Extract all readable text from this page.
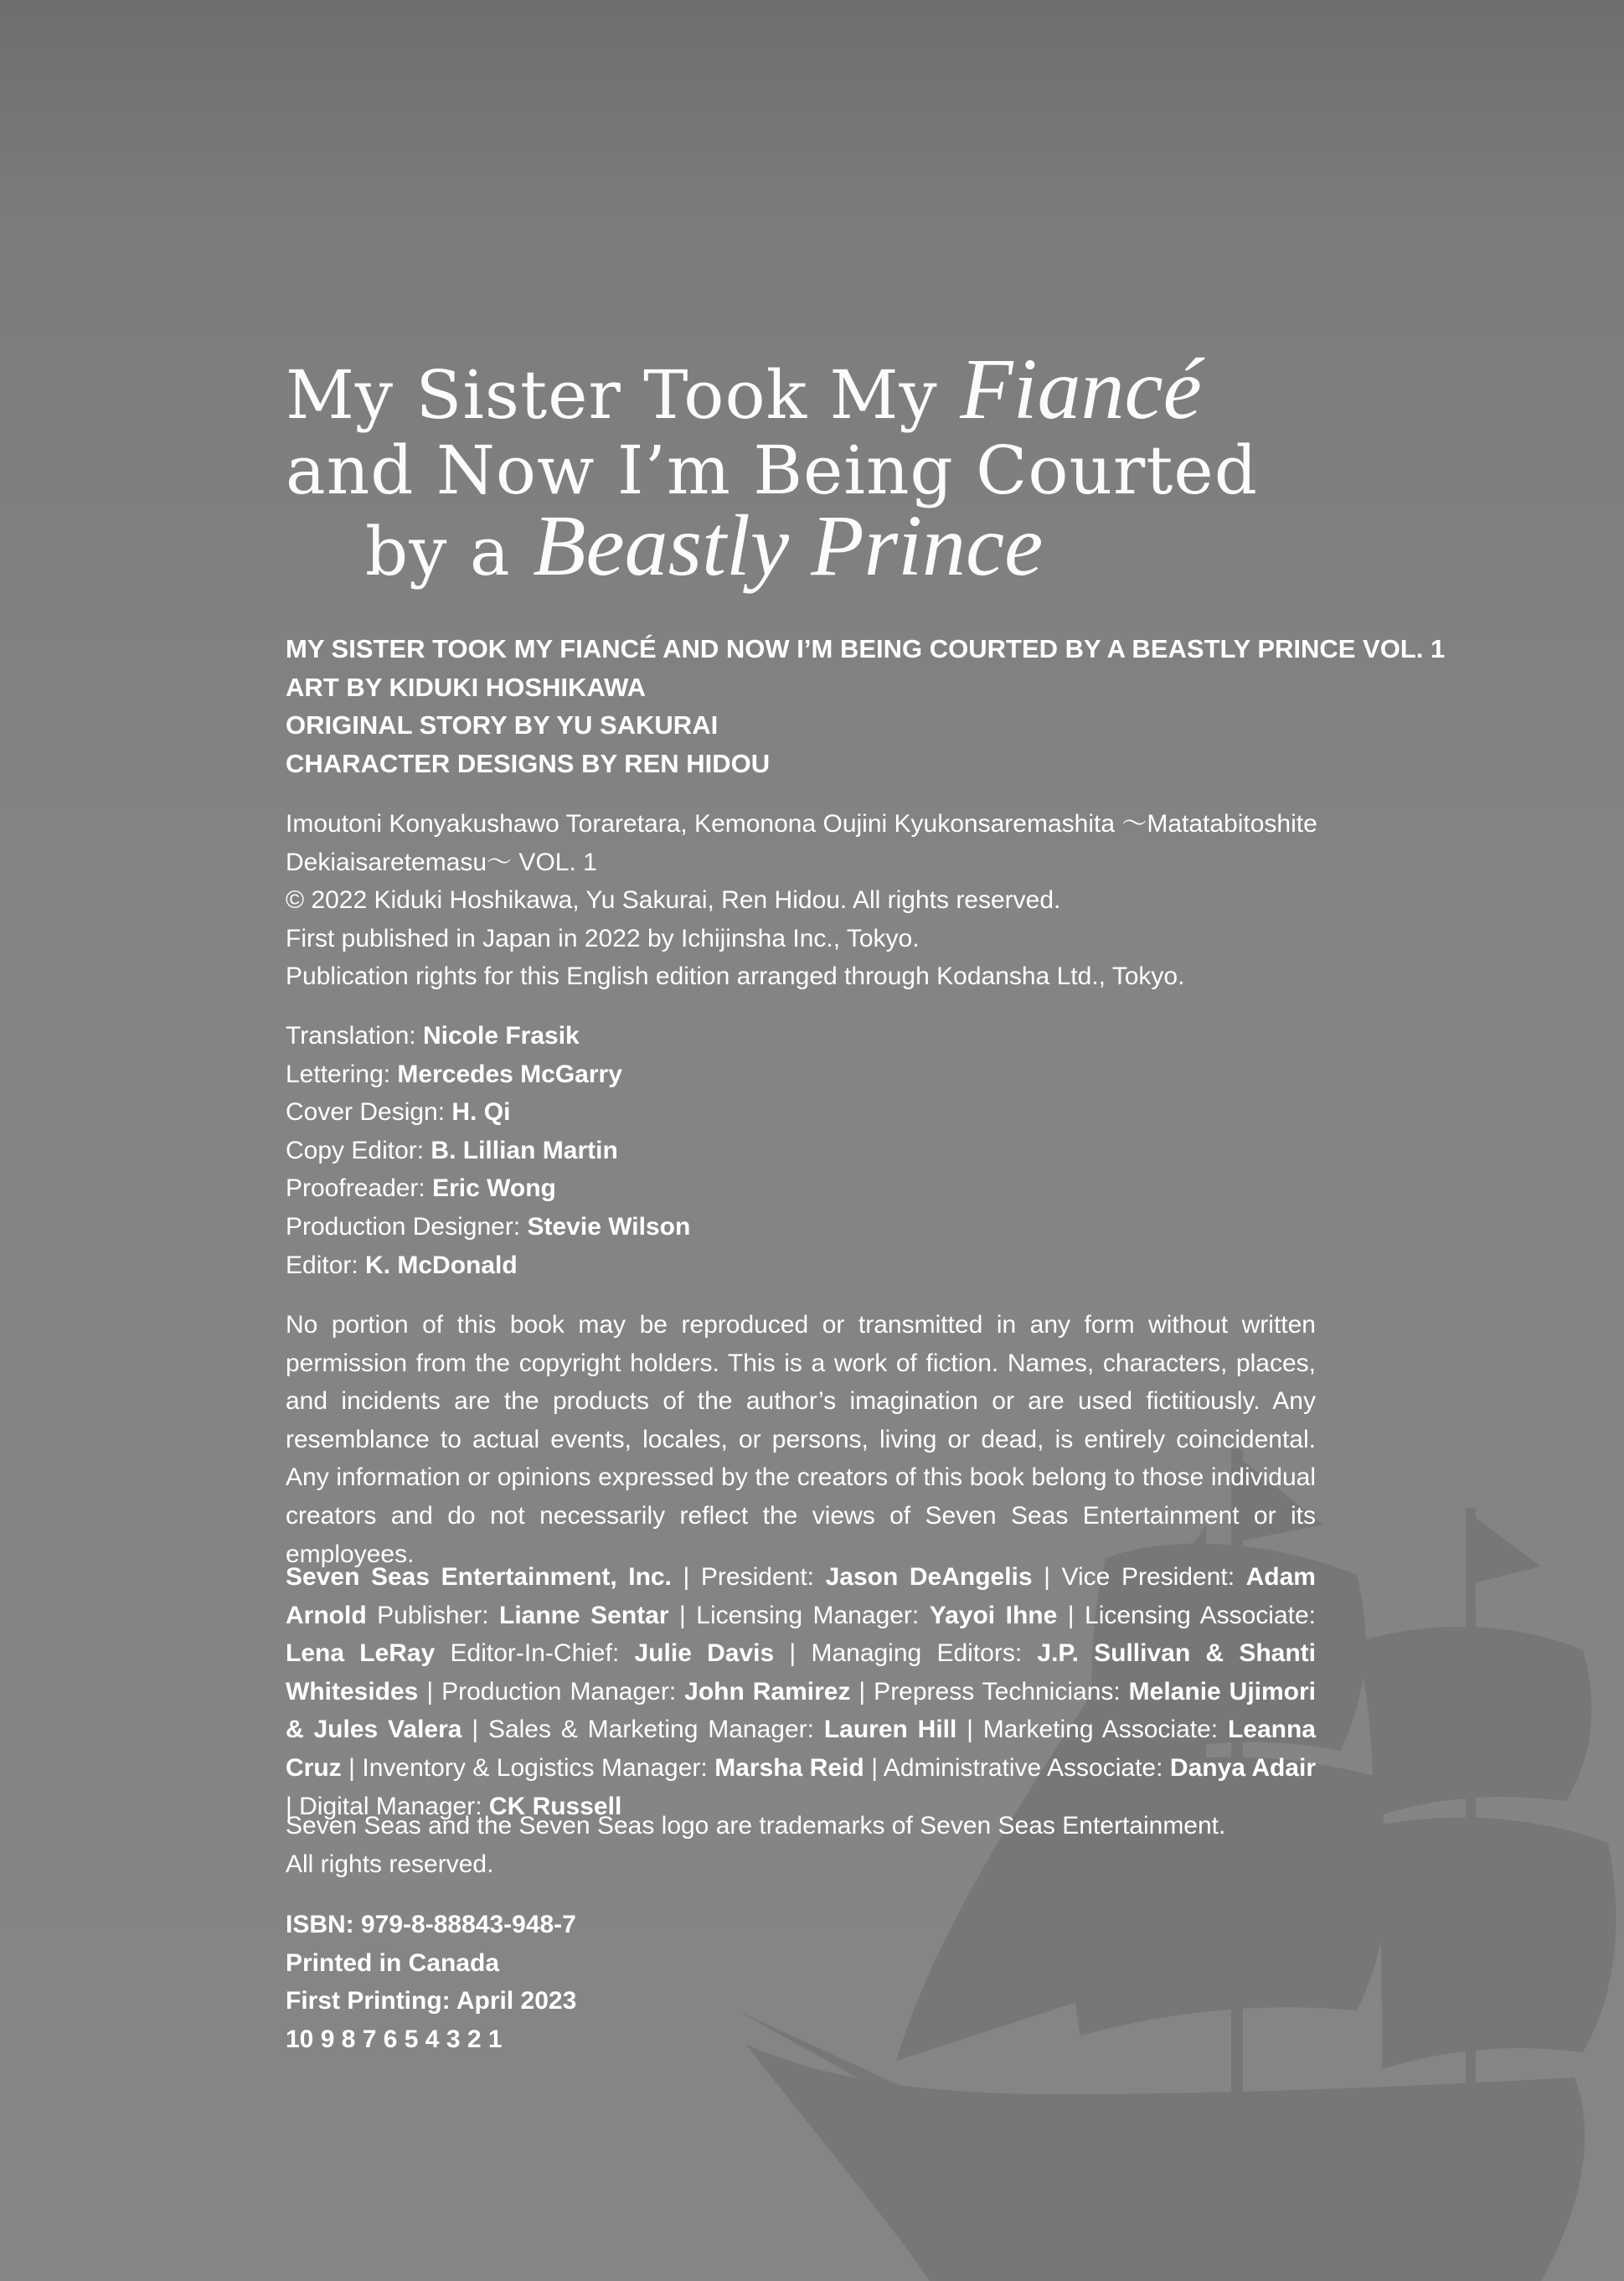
My Sister Took My Fiancé
and Now I’m Being Courted
by a Beastly Prince
MY SISTER TOOK MY FIANCÉ AND NOW I’M BEING COURTED BY A BEASTLY PRINCE VOL. 1
ART BY KIDUKI HOSHIKAWA
ORIGINAL STORY BY YU SAKURAI
CHARACTER DESIGNS BY REN HIDOU
Imoutoni Konyakushawo Toraretara, Kemonona Oujini Kyukonsaremashita 〜Matatabitoshite
Dekiaisaretemasu〜 VOL. 1
© 2022 Kiduki Hoshikawa, Yu Sakurai, Ren Hidou. All rights reserved.
First published in Japan in 2022 by Ichijinsha Inc., Tokyo.
Publication rights for this English edition arranged through Kodansha Ltd., Tokyo.
Translation: Nicole Frasik
Lettering: Mercedes McGarry
Cover Design: H. Qi
Copy Editor: B. Lillian Martin
Proofreader: Eric Wong
Production Designer: Stevie Wilson
Editor: K. McDonald
No portion of this book may be reproduced or transmitted in any form without written permission from the copyright holders. This is a work of fiction. Names, characters, places, and incidents are the products of the author’s imagination or are used fictitiously. Any resemblance to actual events, locales, or persons, living or dead, is entirely coincidental. Any information or opinions expressed by the creators of this book belong to those individual creators and do not necessarily reflect the views of Seven Seas Entertainment or its employees.
Seven Seas Entertainment, Inc. | President: Jason DeAngelis | Vice President: Adam Arnold Publisher: Lianne Sentar | Licensing Manager: Yayoi Ihne | Licensing Associate: Lena LeRay Editor-In-Chief: Julie Davis | Managing Editors: J.P. Sullivan & Shanti Whitesides | Production Manager: John Ramirez | Prepress Technicians: Melanie Ujimori & Jules Valera | Sales & Marketing Manager: Lauren Hill | Marketing Associate: Leanna Cruz | Inventory & Logistics Manager: Marsha Reid | Administrative Associate: Danya Adair | Digital Manager: CK Russell
Seven Seas and the Seven Seas logo are trademarks of Seven Seas Entertainment.
All rights reserved.
ISBN: 979-8-88843-948-7
Printed in Canada
First Printing: April 2023
10 9 8 7 6 5 4 3 2 1
